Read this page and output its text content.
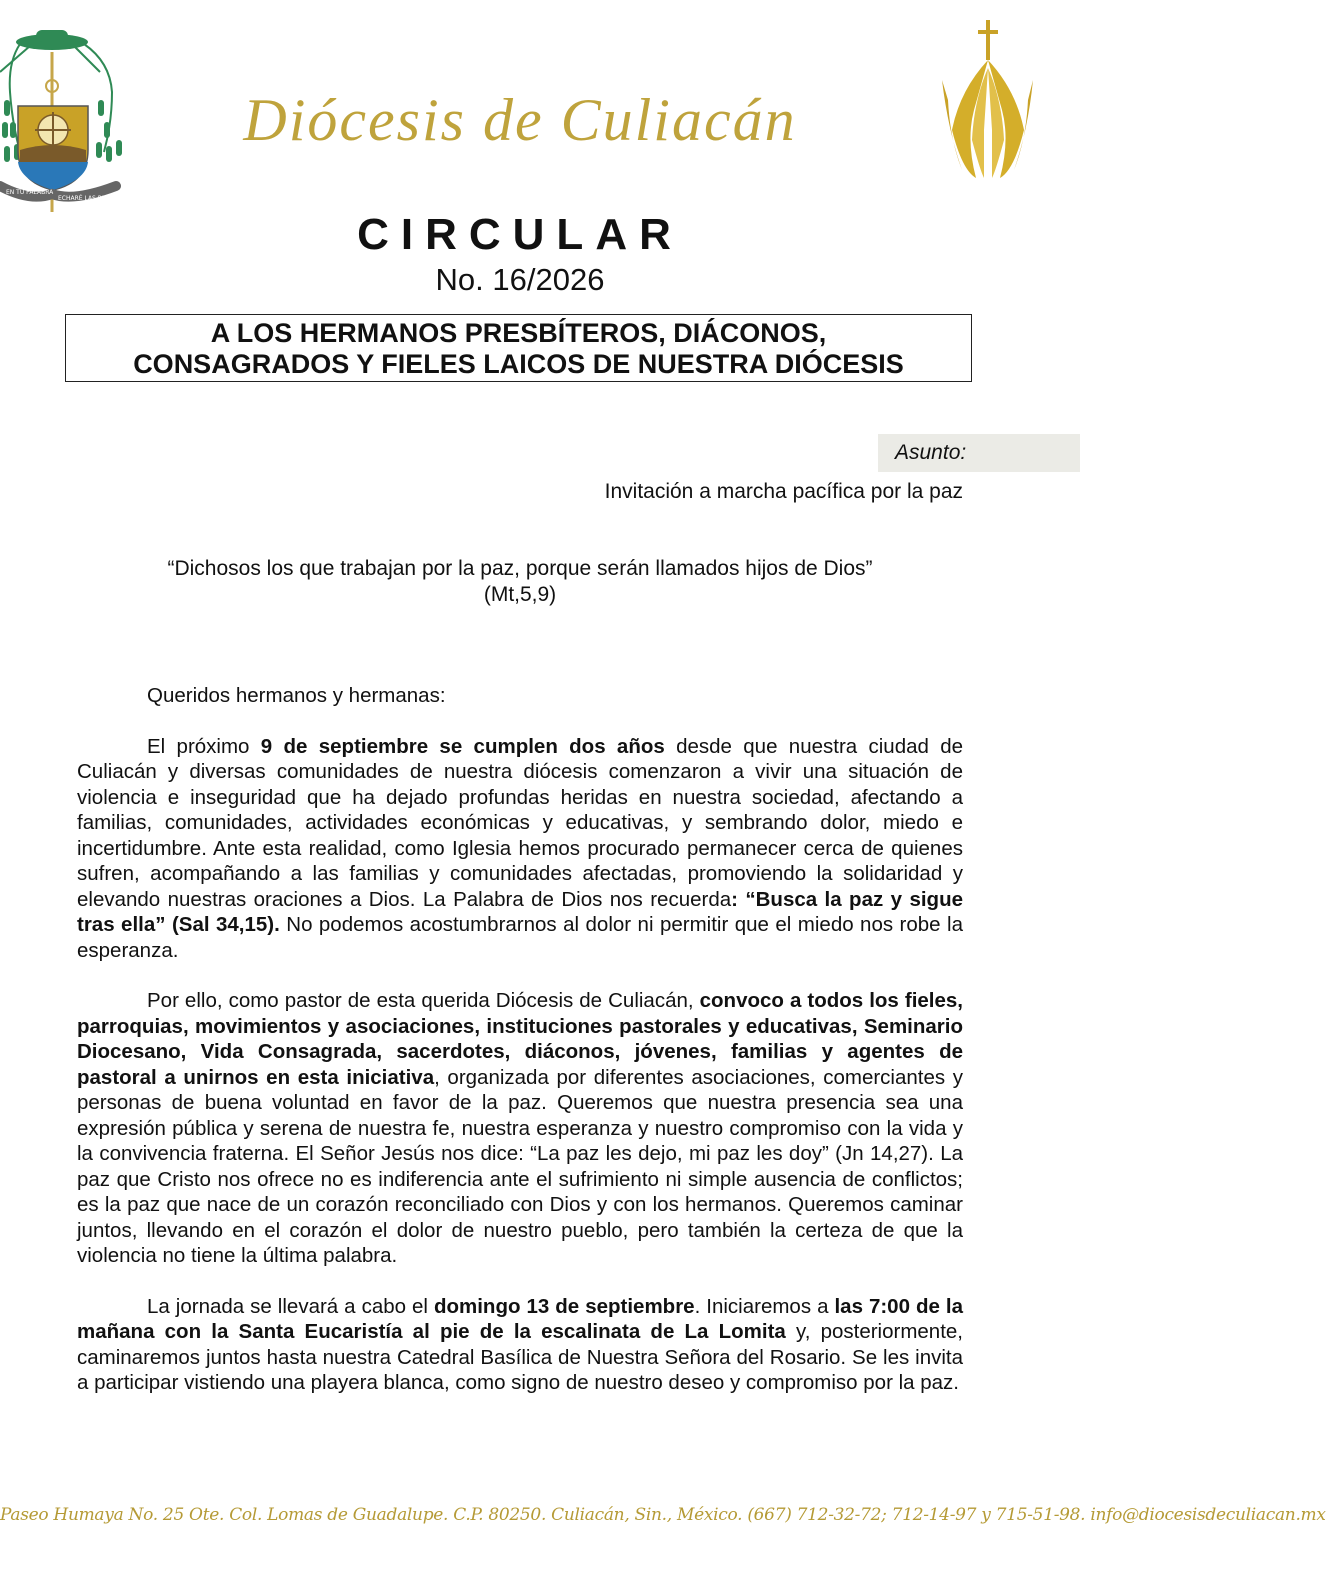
EN TU PALABRA
ECHARÉ LAS REDES
Diócesis de Culiacán
CIRCULAR
No. 16/2026
A LOS HERMANOS PRESBÍTEROS, DIÁCONOS,
CONSAGRADOS Y FIELES LAICOS DE NUESTRA DIÓCESIS
Asunto:
Invitación a marcha pacífica por la paz
“Dichosos los que trabajan por la paz, porque serán llamados hijos de Dios”
(Mt,5,9)

Queridos hermanos y hermanas:

El próximo 9 de septiembre se cumplen dos años desde que nuestra ciudad de Culiacán y diversas comunidades de nuestra diócesis comenzaron a vivir una situación de violencia e inseguridad que ha dejado profundas heridas en nuestra sociedad, afectando a familias, comunidades, actividades económicas y educativas, y sembrando dolor, miedo e incertidumbre. Ante esta realidad, como Iglesia hemos procurado permanecer cerca de quienes sufren, acompañando a las familias y comunidades afectadas, promoviendo la solidaridad y elevando nuestras oraciones a Dios. La Palabra de Dios nos recuerda: “Busca la paz y sigue tras ella” (Sal 34,15). No podemos acostumbrarnos al dolor ni permitir que el miedo nos robe la esperanza.

Por ello, como pastor de esta querida Diócesis de Culiacán, convoco a todos los fieles, parroquias, movimientos y asociaciones, instituciones pastorales y educativas, Seminario Diocesano, Vida Consagrada, sacerdotes, diáconos, jóvenes, familias y agentes de pastoral a unirnos en esta iniciativa, organizada por diferentes asociaciones, comerciantes y personas de buena voluntad en favor de la paz. Queremos que nuestra presencia sea una expresión pública y serena de nuestra fe, nuestra esperanza y nuestro compromiso con la vida y la convivencia fraterna. El Señor Jesús nos dice: “La paz les dejo, mi paz les doy” (Jn 14,27). La paz que Cristo nos ofrece no es indiferencia ante el sufrimiento ni simple ausencia de conflictos; es la paz que nace de un corazón reconciliado con Dios y con los hermanos. Queremos caminar juntos, llevando en el corazón el dolor de nuestro pueblo, pero también la certeza de que la violencia no tiene la última palabra.

La jornada se llevará a cabo el domingo 13 de septiembre. Iniciaremos a las 7:00 de la mañana con la Santa Eucaristía al pie de la escalinata de La Lomita y, posteriormente, caminaremos juntos hasta nuestra Catedral Basílica de Nuestra Señora del Rosario. Se les invita a participar vistiendo una playera blanca, como signo de nuestro deseo y compromiso por la paz.

Paseo Humaya No. 25 Ote. Col. Lomas de Guadalupe. C.P. 80250. Culiacán, Sin., México. (667) 712-32-72; 712-14-97 y 715-51-98. info@diocesisdeculiacan.mx
